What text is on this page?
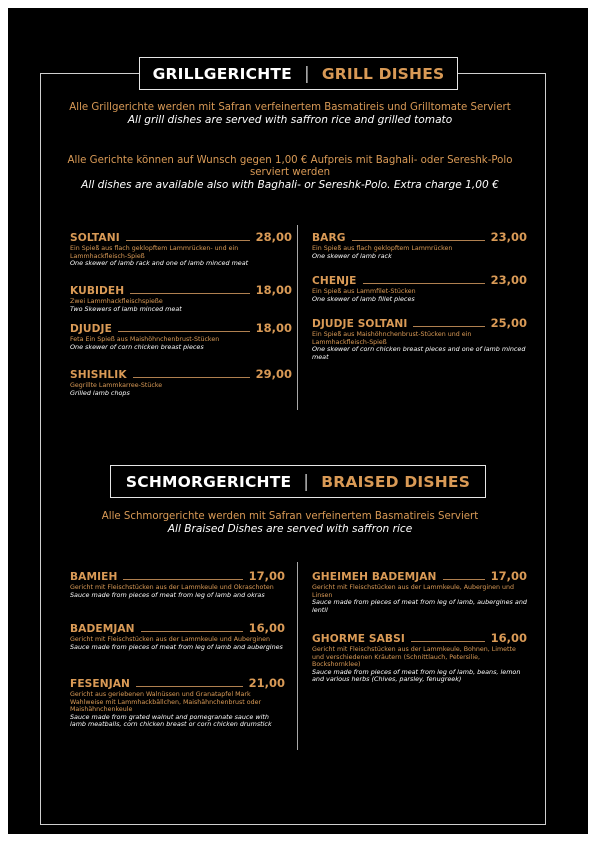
GRILLGERICHTE | GRILL DISHES
Alle Grillgerichte werden mit Safran verfeinertem Basmatireis und Grilltomate Serviert
All grill dishes are served with saffron rice and grilled tomato
Alle Gerichte können auf Wunsch gegen 1,00 € Aufpreis mit Baghali- oder Sereshk-Polo serviert werden
All dishes are available also with Baghali- or Sereshk-Polo. Extra charge 1,00 €
SOLTANI	28,00
Ein Spieß aus flach geklopftem Lammrücken- und ein Lammhackfleisch-Spieß
One skewer of lamb rack and one of lamb minced meat
KUBIDEH	18,00
Zwei Lammhackfleischspieße
Two Skewers of lamb minced meat
DJUDJE	18,00
Feta Ein Spieß aus Maishöhnchenbrust-Stücken
One skewer of corn chicken breast pieces
SHISHLIK	29,00
Gegrillte Lammkarree-Stücke
Grilled lamb chops
BARG	23,00
Ein Spieß aus flach geklopftem Lammrücken
One skewer of lamb rack
CHENJE	23,00
Ein Spieß aus Lammfilet-Stücken
One skewer of lamb fillet pieces
DJUDJE SOLTANI	25,00
Ein Spieß aus Maishöhnchenbrust-Stücken und ein Lammhackfleisch-Spieß
One skewer of corn chicken breast pieces and one of lamb minced meat
SCHMORGERICHTE | BRAISED DISHES
Alle Schmorgerichte werden mit Safran verfeinertem Basmatireis Serviert
All Braised Dishes are served with saffron rice
BAMIEH	17,00
Gericht mit Fleischstücken aus der Lammkeule und Okraschoten
Sauce made from pieces of meat from leg of lamb and okras
BADEMJAN	16,00
Gericht mit Fleischstücken aus der Lammkeule und Auberginen
Sauce made from pieces of meat from leg of lamb and aubergines
FESENJAN	21,00
Gericht aus geriebenen Walnüssen und Granatapfel Mark Wahlweise mit Lammhackbällchen, Maishähnchenbrust oder Maishähnchenkeule
Sauce made from grated walnut and pomegranate sauce with lamb meatballs, corn chicken breast or corn chicken drumstick
GHEIMEH BADEMJAN	17,00
Gericht mit Fleischstücken aus der Lammkeule, Auberginen und Linsen
Sauce made from pieces of meat from leg of lamb, aubergines and lentil
GHORME SABSI	16,00
Gericht mit Fleischstücken aus der Lammkeule, Bohnen, Limette und verschiedenen Kräutern (Schnittlauch, Petersilie, Bockshornklee)
Sauce made from pieces of meat from leg of lamb, beans, lemon and various herbs (Chives, parsley, fenugreek)
